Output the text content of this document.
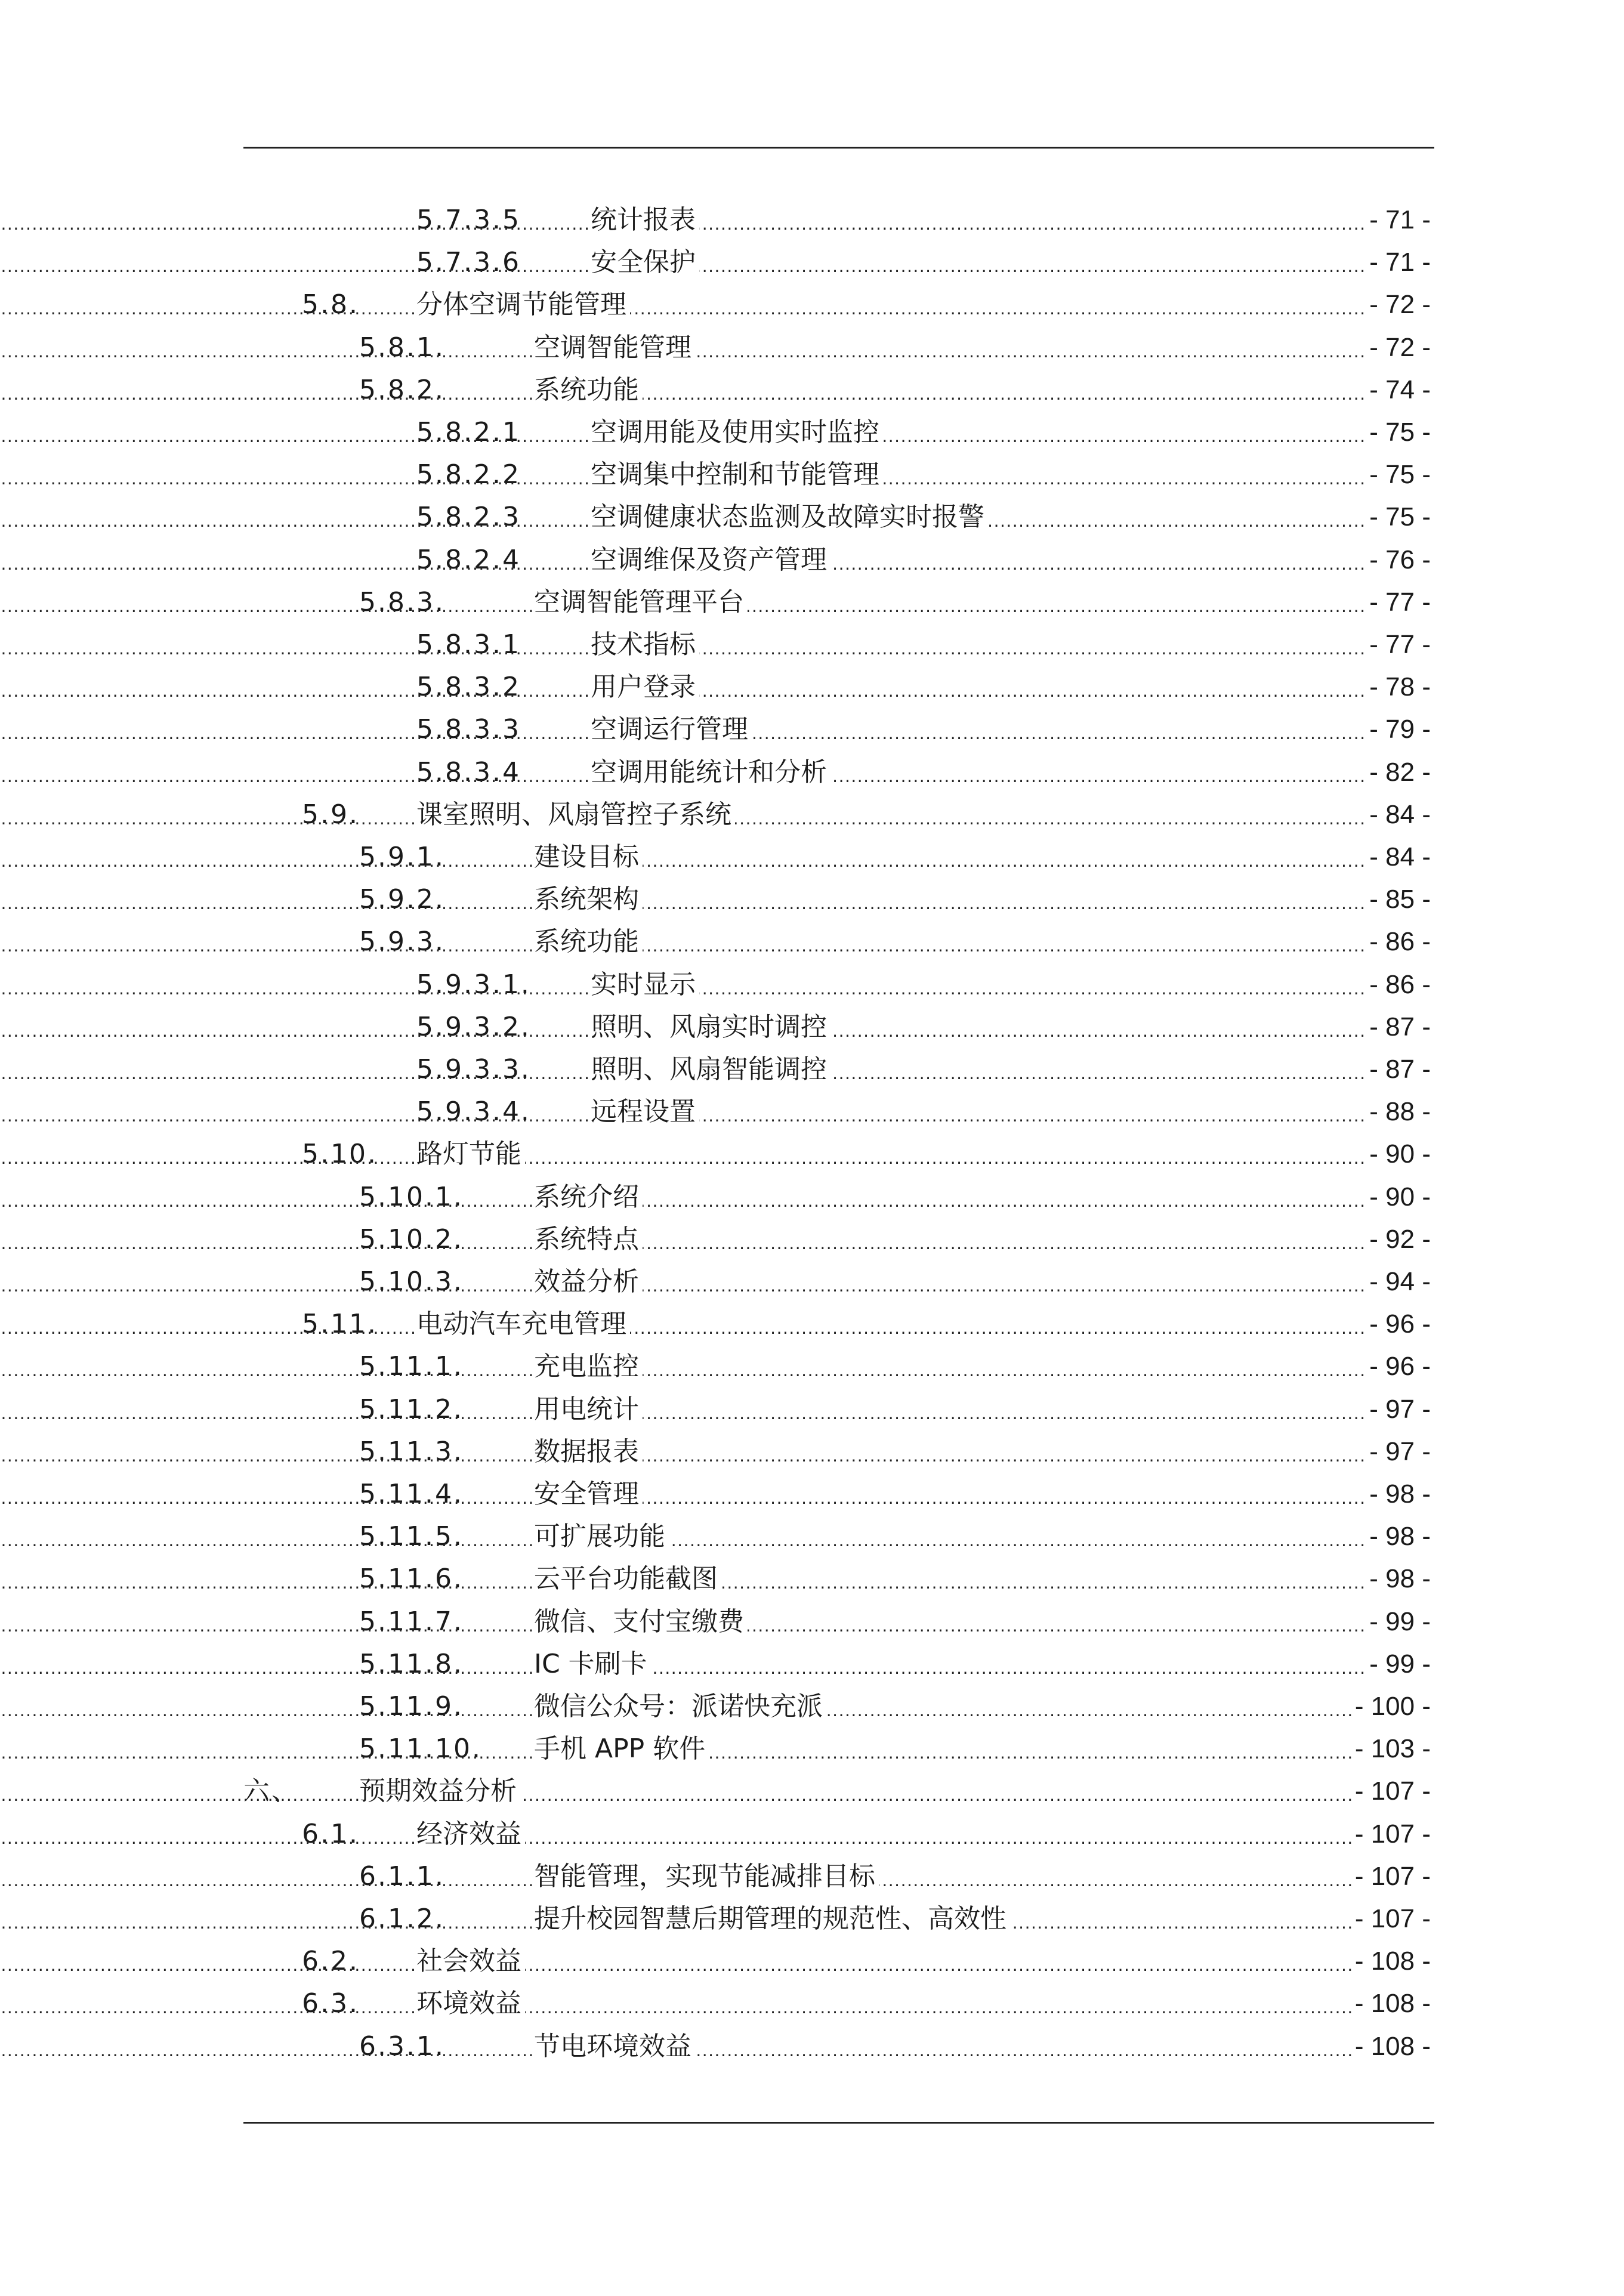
.....
5.7.3.5	统计报表	- 71 -
.....
5.7.3.6	安全保护	- 71 -
.....
5.8. 分体空调节能管理	- 72 -
.....
5.8.1.	空调智能管理	- 72 -
.....
5.8.2.	系统功能	- 74 -
.....
5.8.2.1	空调用能及使用实时监控	- 75 -
.....
5.8.2.2	空调集中控制和节能管理	- 75 -
.....
5.8.2.3	空调健康状态监测及故障实时报警	- 75 -
.....
5.8.2.4	空调维保及资产管理	- 76 -
.....
5.8.3.	空调智能管理平台	- 77 -
.....
5.8.3.1	技术指标	- 77 -
.....
5.8.3.2	用户登录	- 78 -
.....
5.8.3.3	空调运行管理	- 79 -
.....
5.8.3.4	空调用能统计和分析	- 82 -
.....
5.9. 课室照明、风扇管控子系统	- 84 -
.....
5.9.1.	建设目标	- 84 -
.....
5.9.2.	系统架构	- 85 -
.....
5.9.3.	系统功能	- 86 -
.....
5.9.3.1. 实时显示	- 86 -
.....
5.9.3.2. 照明、风扇实时调控	- 87 -
.....
5.9.3.3. 照明、风扇智能调控	- 87 -
.....
5.9.3.4. 远程设置	- 88 -
.....
5.10. 路灯节能	- 90 -
.....
5.10.1.	系统介绍	- 90 -
.....
5.10.2.	系统特点	- 92 -
.....
5.10.3.	效益分析	- 94 -
.....
5.11. 电动汽车充电管理	- 96 -
.....
5.11.1.	充电监控	- 96 -
.....
5.11.2.	用电统计	- 97 -
.....
5.11.3.	数据报表	- 97 -
.....
5.11.4.	安全管理	- 98 -
.....
5.11.5.	可扩展功能	- 98 -
.....
5.11.6.	云平台功能截图	- 98 -
.....
5.11.7.	微信、支付宝缴费	- 99 -
.....
5.11.8.	IC 卡刷卡	- 99 -
.....
5.11.9.	微信公众号：派诺快充派	- 100 -
.....
5.11.10. 手机 APP 软件	- 103 -
.....
六、 预期效益分析	- 107 -
.....
6.1. 经济效益	- 107 -
.....
6.1.1.	智能管理，实现节能减排目标	- 107 -
.....
6.1.2.	提升校园智慧后期管理的规范性、高效性	- 107 -
.....
6.2. 社会效益	- 108 -
.....
6.3. 环境效益	- 108 -
.....
6.3.1.	节电环境效益	- 108 -
